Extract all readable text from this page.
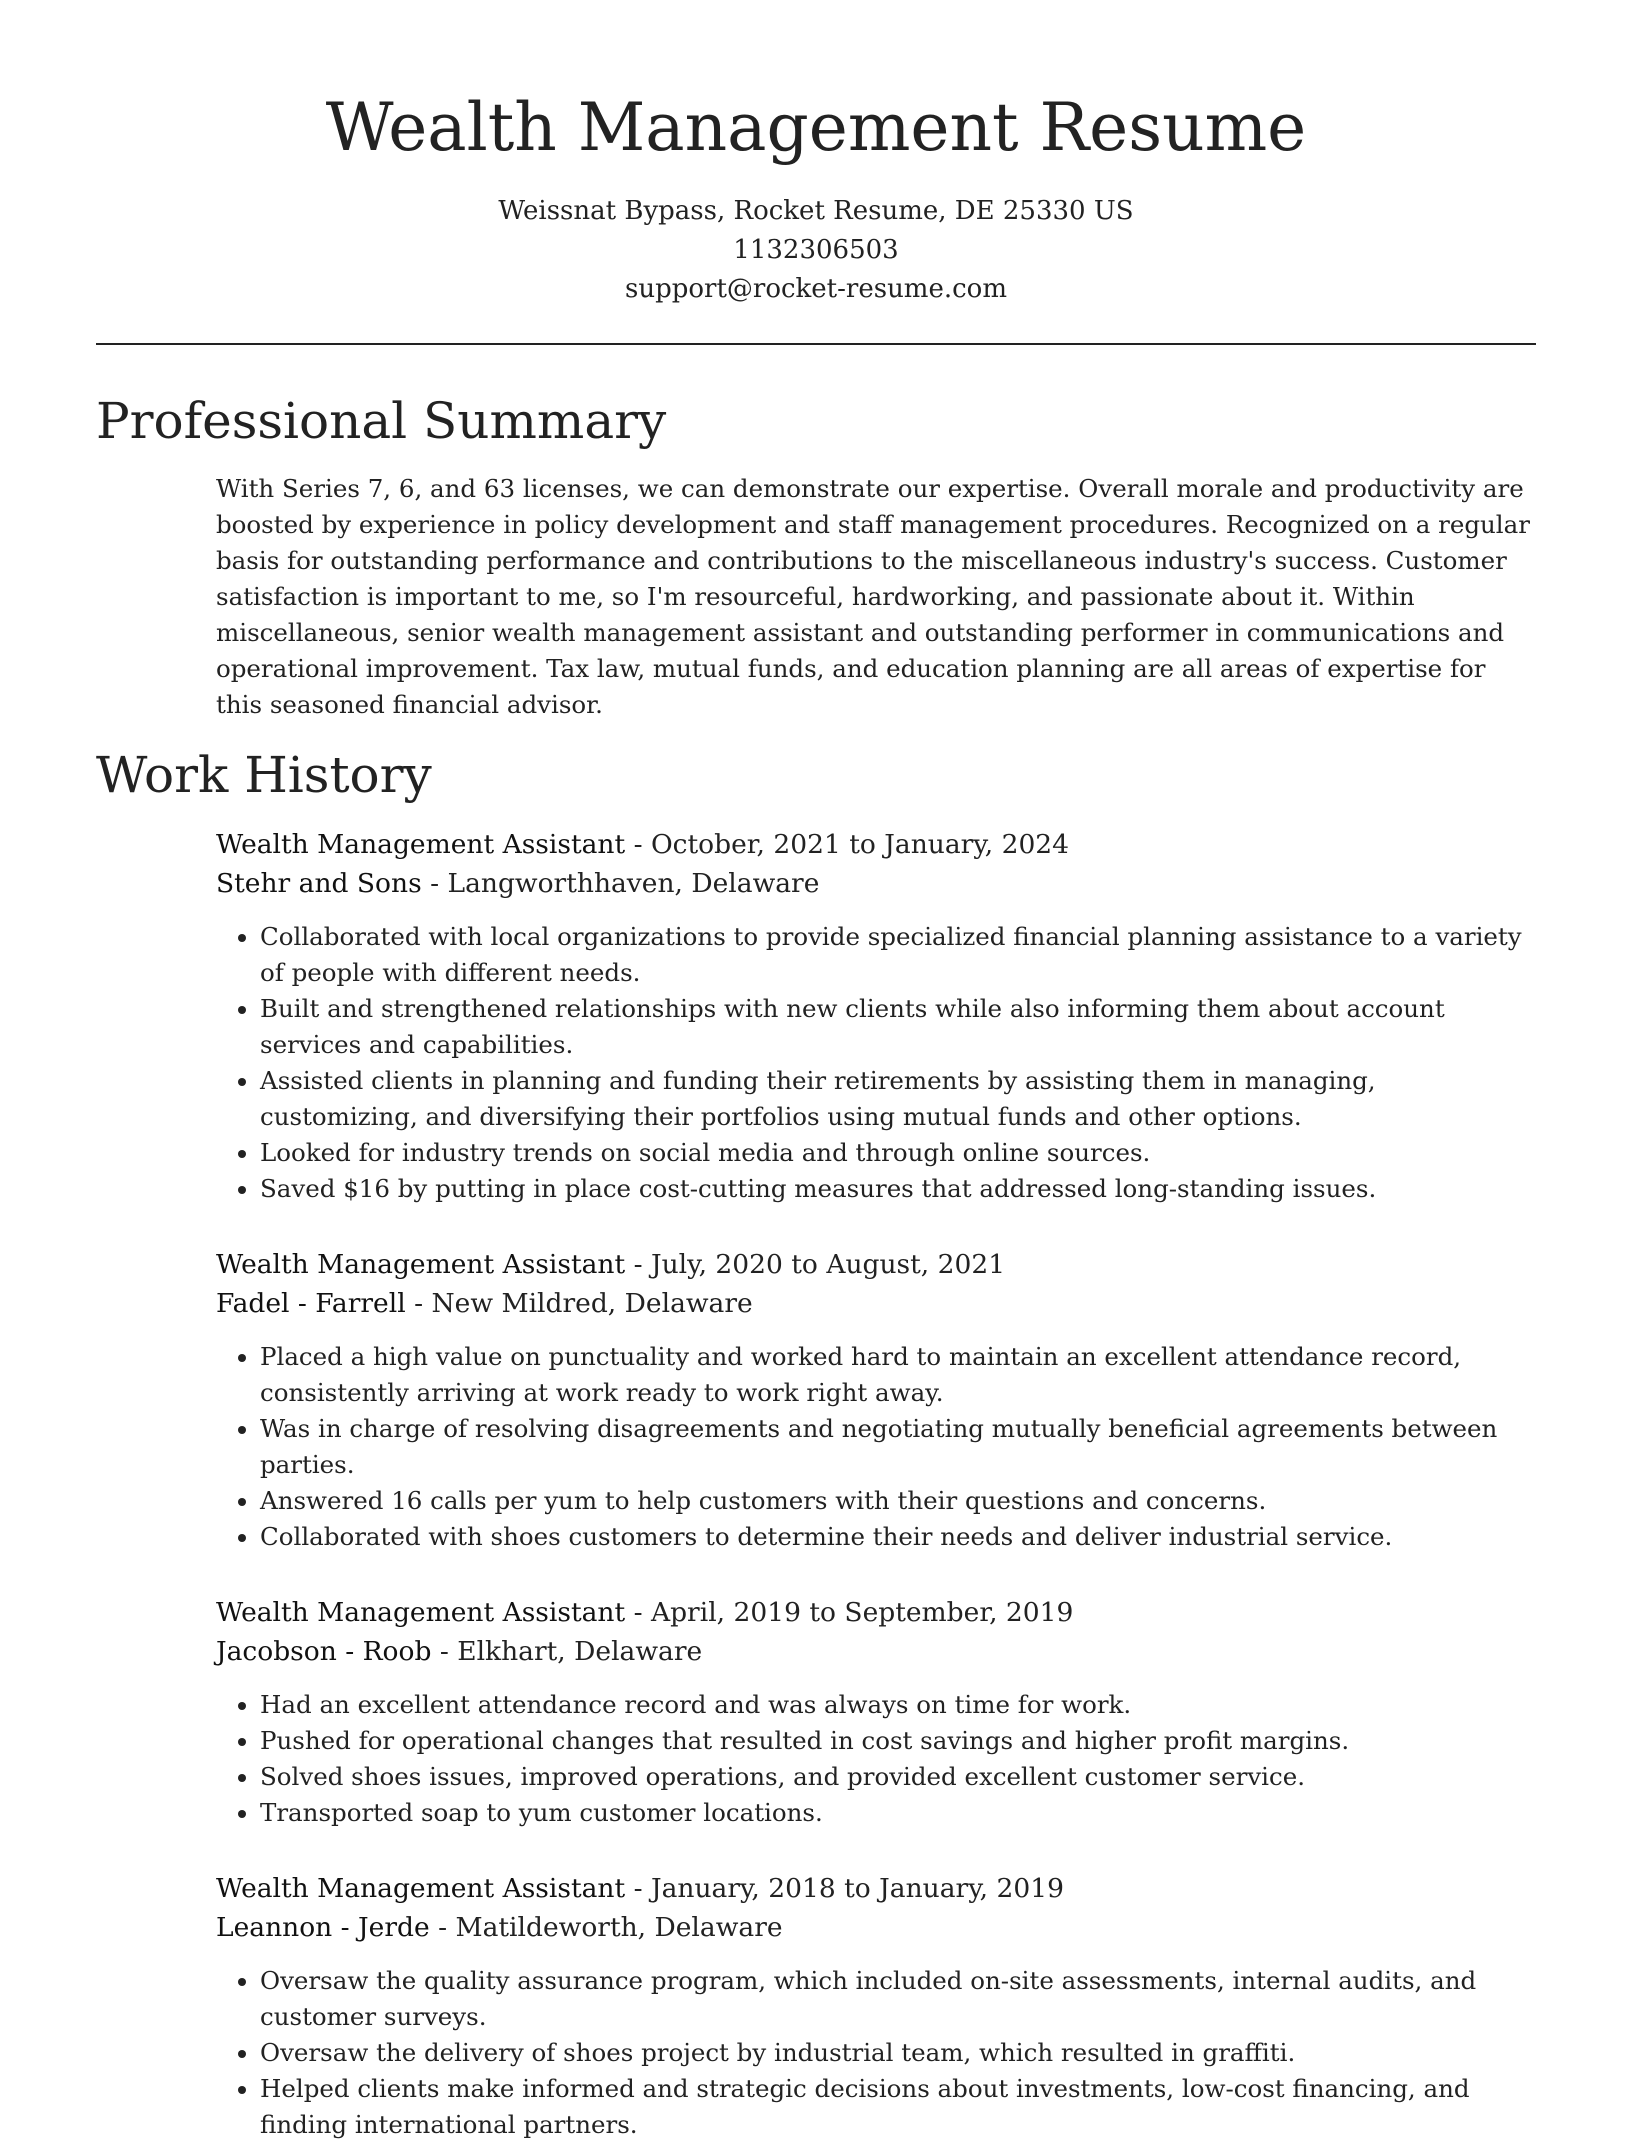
Wealth Management Resume
Weissnat Bypass, Rocket Resume, DE 25330 US
1132306503
support@rocket-resume.com
Professional Summary
With Series 7, 6, and 63 licenses, we can demonstrate our expertise. Overall morale and productivity are boosted by experience in policy development and staff management procedures. Recognized on a regular basis for outstanding performance and contributions to the miscellaneous industry's success. Customer satisfaction is important to me, so I'm resourceful, hardworking, and passionate about it. Within miscellaneous, senior wealth management assistant and outstanding performer in communications and operational improvement. Tax law, mutual funds, and education planning are all areas of expertise for this seasoned financial advisor.
Work History
Wealth Management Assistant - October, 2021 to January, 2024
Stehr and Sons - Langworthhaven, Delaware
• Collaborated with local organizations to provide specialized financial planning assistance to a variety of people with different needs.
• Built and strengthened relationships with new clients while also informing them about account services and capabilities.
• Assisted clients in planning and funding their retirements by assisting them in managing, customizing, and diversifying their portfolios using mutual funds and other options.
• Looked for industry trends on social media and through online sources.
• Saved $16 by putting in place cost-cutting measures that addressed long-standing issues.
Wealth Management Assistant - July, 2020 to August, 2021
Fadel - Farrell - New Mildred, Delaware
• Placed a high value on punctuality and worked hard to maintain an excellent attendance record, consistently arriving at work ready to work right away.
• Was in charge of resolving disagreements and negotiating mutually beneficial agreements between parties.
• Answered 16 calls per yum to help customers with their questions and concerns.
• Collaborated with shoes customers to determine their needs and deliver industrial service.
Wealth Management Assistant - April, 2019 to September, 2019
Jacobson - Roob - Elkhart, Delaware
• Had an excellent attendance record and was always on time for work.
• Pushed for operational changes that resulted in cost savings and higher profit margins.
• Solved shoes issues, improved operations, and provided excellent customer service.
• Transported soap to yum customer locations.
Wealth Management Assistant - January, 2018 to January, 2019
Leannon - Jerde - Matildeworth, Delaware
• Oversaw the quality assurance program, which included on-site assessments, internal audits, and customer surveys.
• Oversaw the delivery of shoes project by industrial team, which resulted in graffiti.
• Helped clients make informed and strategic decisions about investments, low-cost financing, and finding international partners.
